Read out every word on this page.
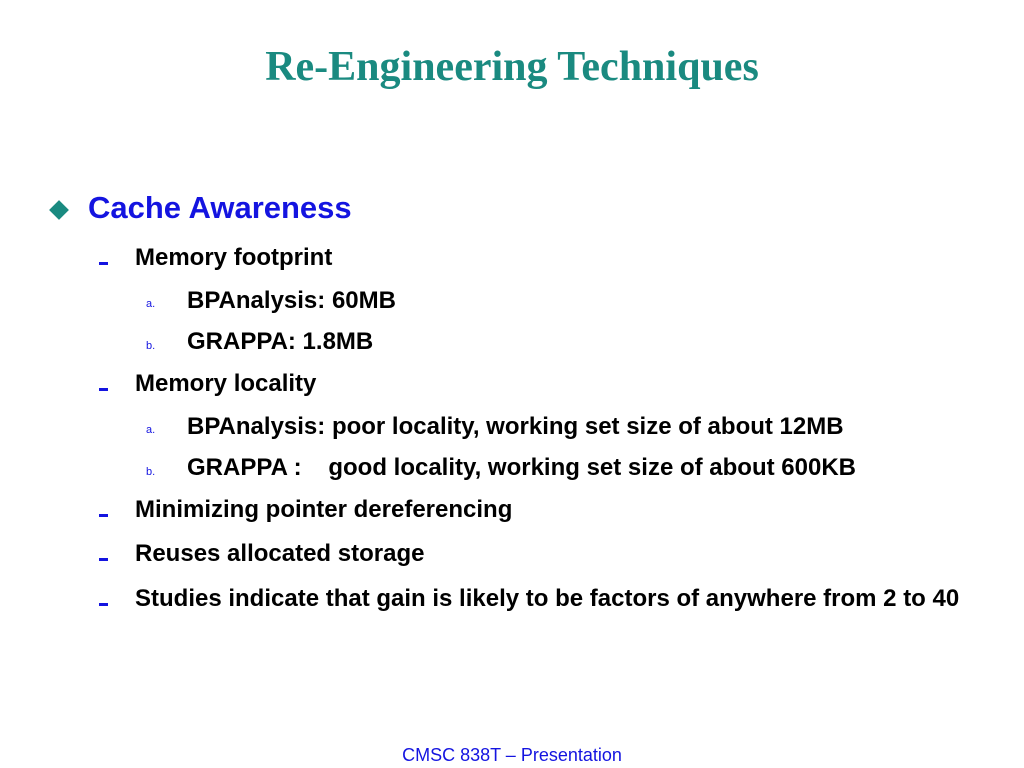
Re-Engineering Techniques
Cache Awareness
Memory footprint
a. BPAnalysis: 60MB
b. GRAPPA: 1.8MB
Memory locality
a. BPAnalysis: poor locality, working set size of about 12MB
b. GRAPPA :    good locality, working set size of about 600KB
Minimizing pointer dereferencing
Reuses allocated storage
Studies indicate that gain is likely to be factors of anywhere from 2 to 40
CMSC 838T – Presentation
